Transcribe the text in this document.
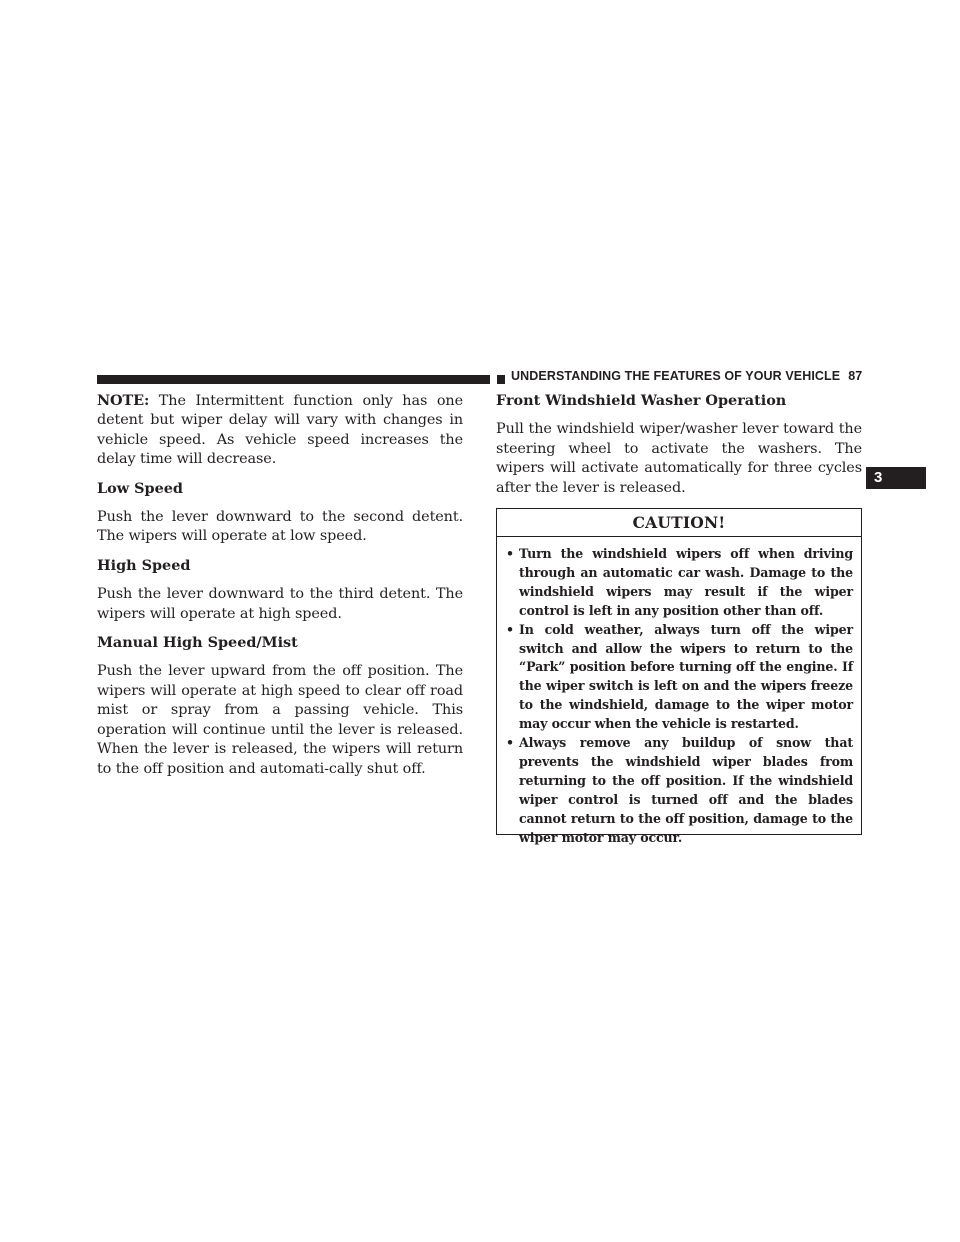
UNDERSTANDING THE FEATURES OF YOUR VEHICLE 87
3

NOTE: The Intermittent function only has one detent but wiper delay will vary with changes in vehicle speed. As vehicle speed increases the delay time will decrease.

Low Speed

Push the lever downward to the second detent. The wipers will operate at low speed.

High Speed

Push the lever downward to the third detent. The wipers will operate at high speed.

Manual High Speed/Mist

Push the lever upward from the off position. The wipers will operate at high speed to clear off road mist or spray from a passing vehicle. This operation will continue until the lever is released. When the lever is released, the wipers will return to the off position and automati-cally shut off.

Front Windshield Washer Operation

Pull the windshield wiper/washer lever toward the steering wheel to activate the washers. The wipers will activate automatically for three cycles after the lever is released.

CAUTION!
• Turn the windshield wipers off when driving through an automatic car wash. Damage to the windshield wipers may result if the wiper control is left in any position other than off.
• In cold weather, always turn off the wiper switch and allow the wipers to return to the “Park” position before turning off the engine. If the wiper switch is left on and the wipers freeze to the windshield, damage to the wiper motor may occur when the vehicle is restarted.
• Always remove any buildup of snow that prevents the windshield wiper blades from returning to the off position. If the windshield wiper control is turned off and the blades cannot return to the off position, damage to the wiper motor may occur.
